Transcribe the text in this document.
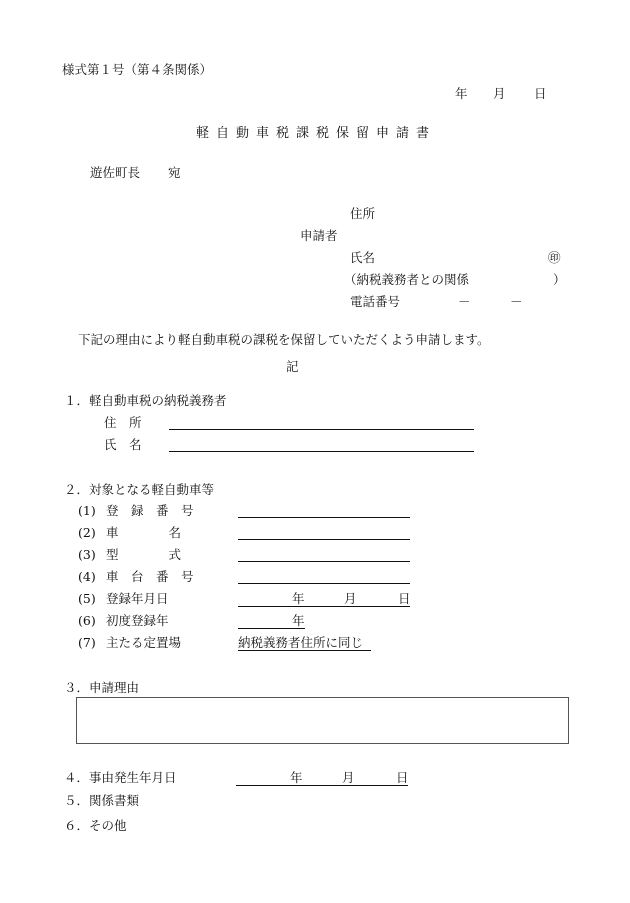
様式第１号（第４条関係）
年 月 日
軽自動車税課税保留申請書
遊佐町長 宛
住所
申請者
氏名	㊞
（納税義務者との関係	）
電話番号	－	－
下記の理由により軽自動車税の課税を保留していただくよう申請します。
記
１．軽自動車税の納税義務者
住　所
氏　名
２．対象となる軽自動車等
(1) 登　録　番　号
(2) 車　　　　名
(3) 型　　　　式
(4) 車　台　番　号
(5) 登録年月日	年	月	日
(6) 初度登録年	年
(7) 主たる定置場	納税義務者住所に同じ
３．申請理由
４．事由発生年月日	年	月	日
５．関係書類
６．その他
